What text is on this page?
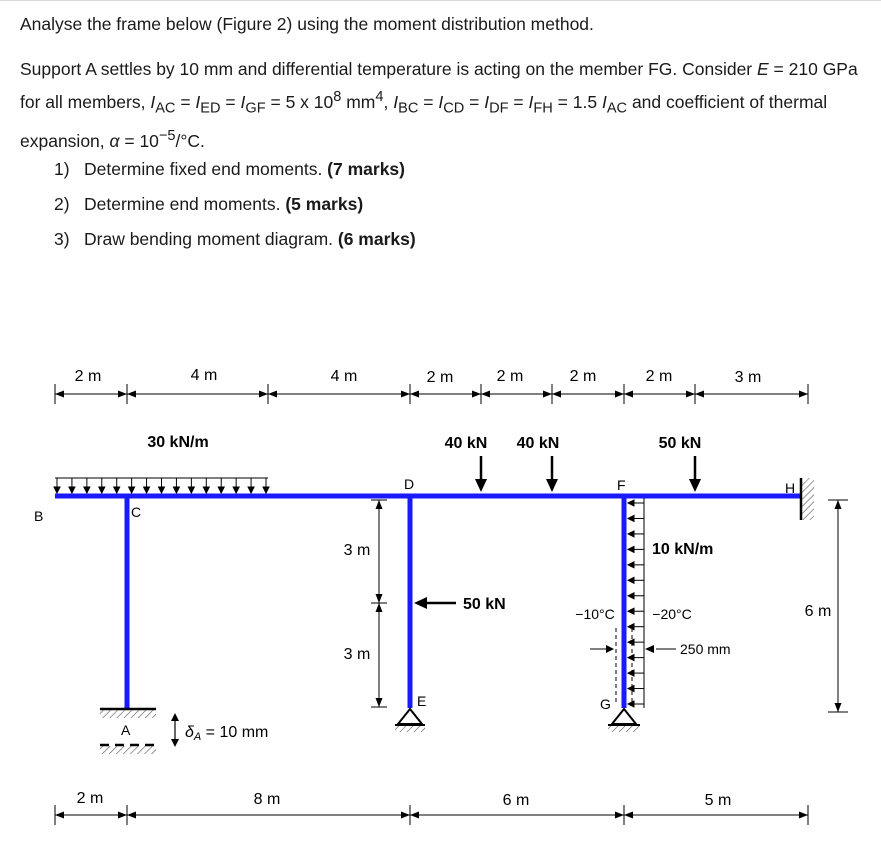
Analyse the frame below (Figure 2) using the moment distribution method.

Support A settles by 10 mm and differential temperature is acting on the member FG. Consider E = 210 GPa for all members, $I_{AC} = I_{ED} = I_{GF} = 5$ x $10^8$ $mm^4$, $I_{BC} = I_{CD} = I_{DF} = I_{FH} = 1.5$ $I_{AC}$ and coefficient of thermal expansion, $\alpha = 10^{-5}/^\circ C$.

1) Determine fixed end moments. (7 marks)
2) Determine end moments. (5 marks)
3) Draw bending moment diagram. (6 marks)
2 m	4 m	4 m	2 m	2 m	2 m	2 m	3 m
30 kN/m	40 kN 40 kN	50 kN
B	C
D	F	H
E	G
A	δA = 10 mm
3 m
3 m
50 kN
10 kN/m
−10°C	−20°C
250 mm
6 m
2 m	8 m	6 m	5 m
